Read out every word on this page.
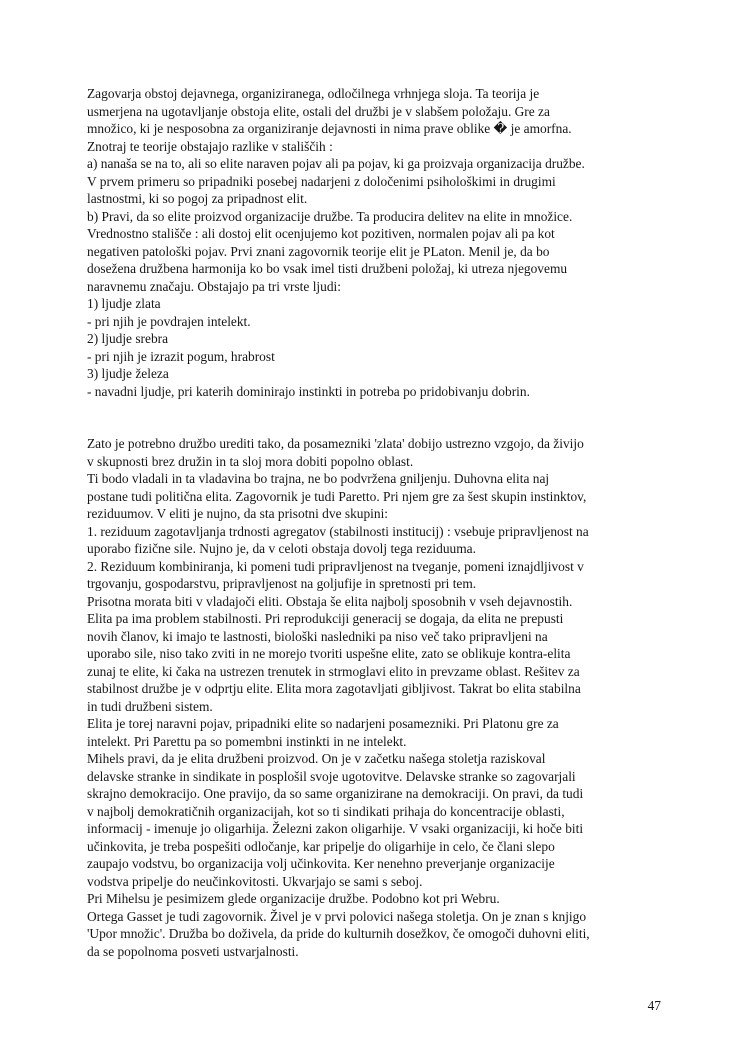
Zagovarja obstoj dejavnega, organiziranega, odločilnega vrhnjega sloja. Ta teorija je
usmerjena na ugotavljanje obstoja elite, ostali del družbi je v slabšem položaju. Gre za
množico, ki je nesposobna za organiziranje dejavnosti in nima prave oblike � je amorfna.
Znotraj te teorije obstajajo razlike v stališčih :
a) nanaša se na to, ali so elite naraven pojav ali pa pojav, ki ga proizvaja organizacija družbe.
V prvem primeru so pripadniki posebej nadarjeni z določenimi psihološkimi in drugimi
lastnostmi, ki so pogoj za pripadnost elit.
b) Pravi, da so elite proizvod organizacije družbe. Ta producira delitev na elite in množice.
Vrednostno stališče : ali dostoj elit ocenjujemo kot pozitiven, normalen pojav ali pa kot
negativen patološki pojav. Prvi znani zagovornik teorije elit je PLaton. Menil je, da bo
dosežena družbena harmonija ko bo vsak imel tisti družbeni položaj, ki utreza njegovemu
naravnemu značaju. Obstajajo pa tri vrste ljudi:
1) ljudje zlata
- pri njih je povdrajen intelekt.
2) ljudje srebra
- pri njih je izrazit pogum, hrabrost
3) ljudje železa
- navadni ljudje, pri katerih dominirajo instinkti in potreba po pridobivanju dobrin.

Zato je potrebno družbo urediti tako, da posamezniki 'zlata' dobijo ustrezno vzgojo, da živijo
v skupnosti brez družin in ta sloj mora dobiti popolno oblast.
Ti bodo vladali in ta vladavina bo trajna, ne bo podvržena gniljenju. Duhovna elita naj
postane tudi politična elita. Zagovornik je tudi Paretto. Pri njem gre za šest skupin instinktov,
reziduumov. V eliti je nujno, da sta prisotni dve skupini:
1. reziduum zagotavljanja trdnosti agregatov (stabilnosti institucij) : vsebuje pripravljenost na
uporabo fizične sile. Nujno je, da v celoti obstaja dovolj tega reziduuma.
2. Reziduum kombiniranja, ki pomeni tudi pripravljenost na tveganje, pomeni iznajdljivost v
trgovanju, gospodarstvu, pripravljenost na goljufije in spretnosti pri tem.
Prisotna morata biti v vladajoči eliti. Obstaja še elita najbolj sposobnih v vseh dejavnostih.
Elita pa ima problem stabilnosti. Pri reprodukciji generacij se dogaja, da elita ne prepusti
novih članov, ki imajo te lastnosti, biološki nasledniki pa niso več tako pripravljeni na
uporabo sile, niso tako zviti in ne morejo tvoriti uspešne elite, zato se oblikuje kontra-elita
zunaj te elite, ki čaka na ustrezen trenutek in strmoglavi elito in prevzame oblast. Rešitev za
stabilnost družbe je v odprtju elite. Elita mora zagotavljati gibljivost. Takrat bo elita stabilna
in tudi družbeni sistem.
Elita je torej naravni pojav, pripadniki elite so nadarjeni posamezniki. Pri Platonu gre za
intelekt. Pri Parettu pa so pomembni instinkti in ne intelekt.
Mihels pravi, da je elita družbeni proizvod. On je v začetku našega stoletja raziskoval
delavske stranke in sindikate in posplošil svoje ugotovitve. Delavske stranke so zagovarjali
skrajno demokracijo. One pravijo, da so same organizirane na demokraciji. On pravi, da tudi
v najbolj demokratičnih organizacijah, kot so ti sindikati prihaja do koncentracije oblasti,
informacij - imenuje jo oligarhija. Železni zakon oligarhije. V vsaki organizaciji, ki hoče biti
učinkovita, je treba pospešiti odločanje, kar pripelje do oligarhije in celo, če člani slepo
zaupajo vodstvu, bo organizacija volj učinkovita. Ker nenehno preverjanje organizacije
vodstva pripelje do neučinkovitosti. Ukvarjajo se sami s seboj.
Pri Mihelsu je pesimizem glede organizacije družbe. Podobno kot pri Webru.
Ortega Gasset je tudi zagovornik. Živel je v prvi polovici našega stoletja. On je znan s knjigo
'Upor množic'. Družba bo doživela, da pride do kulturnih dosežkov, če omogoči duhovni eliti,
da se popolnoma posveti ustvarjalnosti.
47
